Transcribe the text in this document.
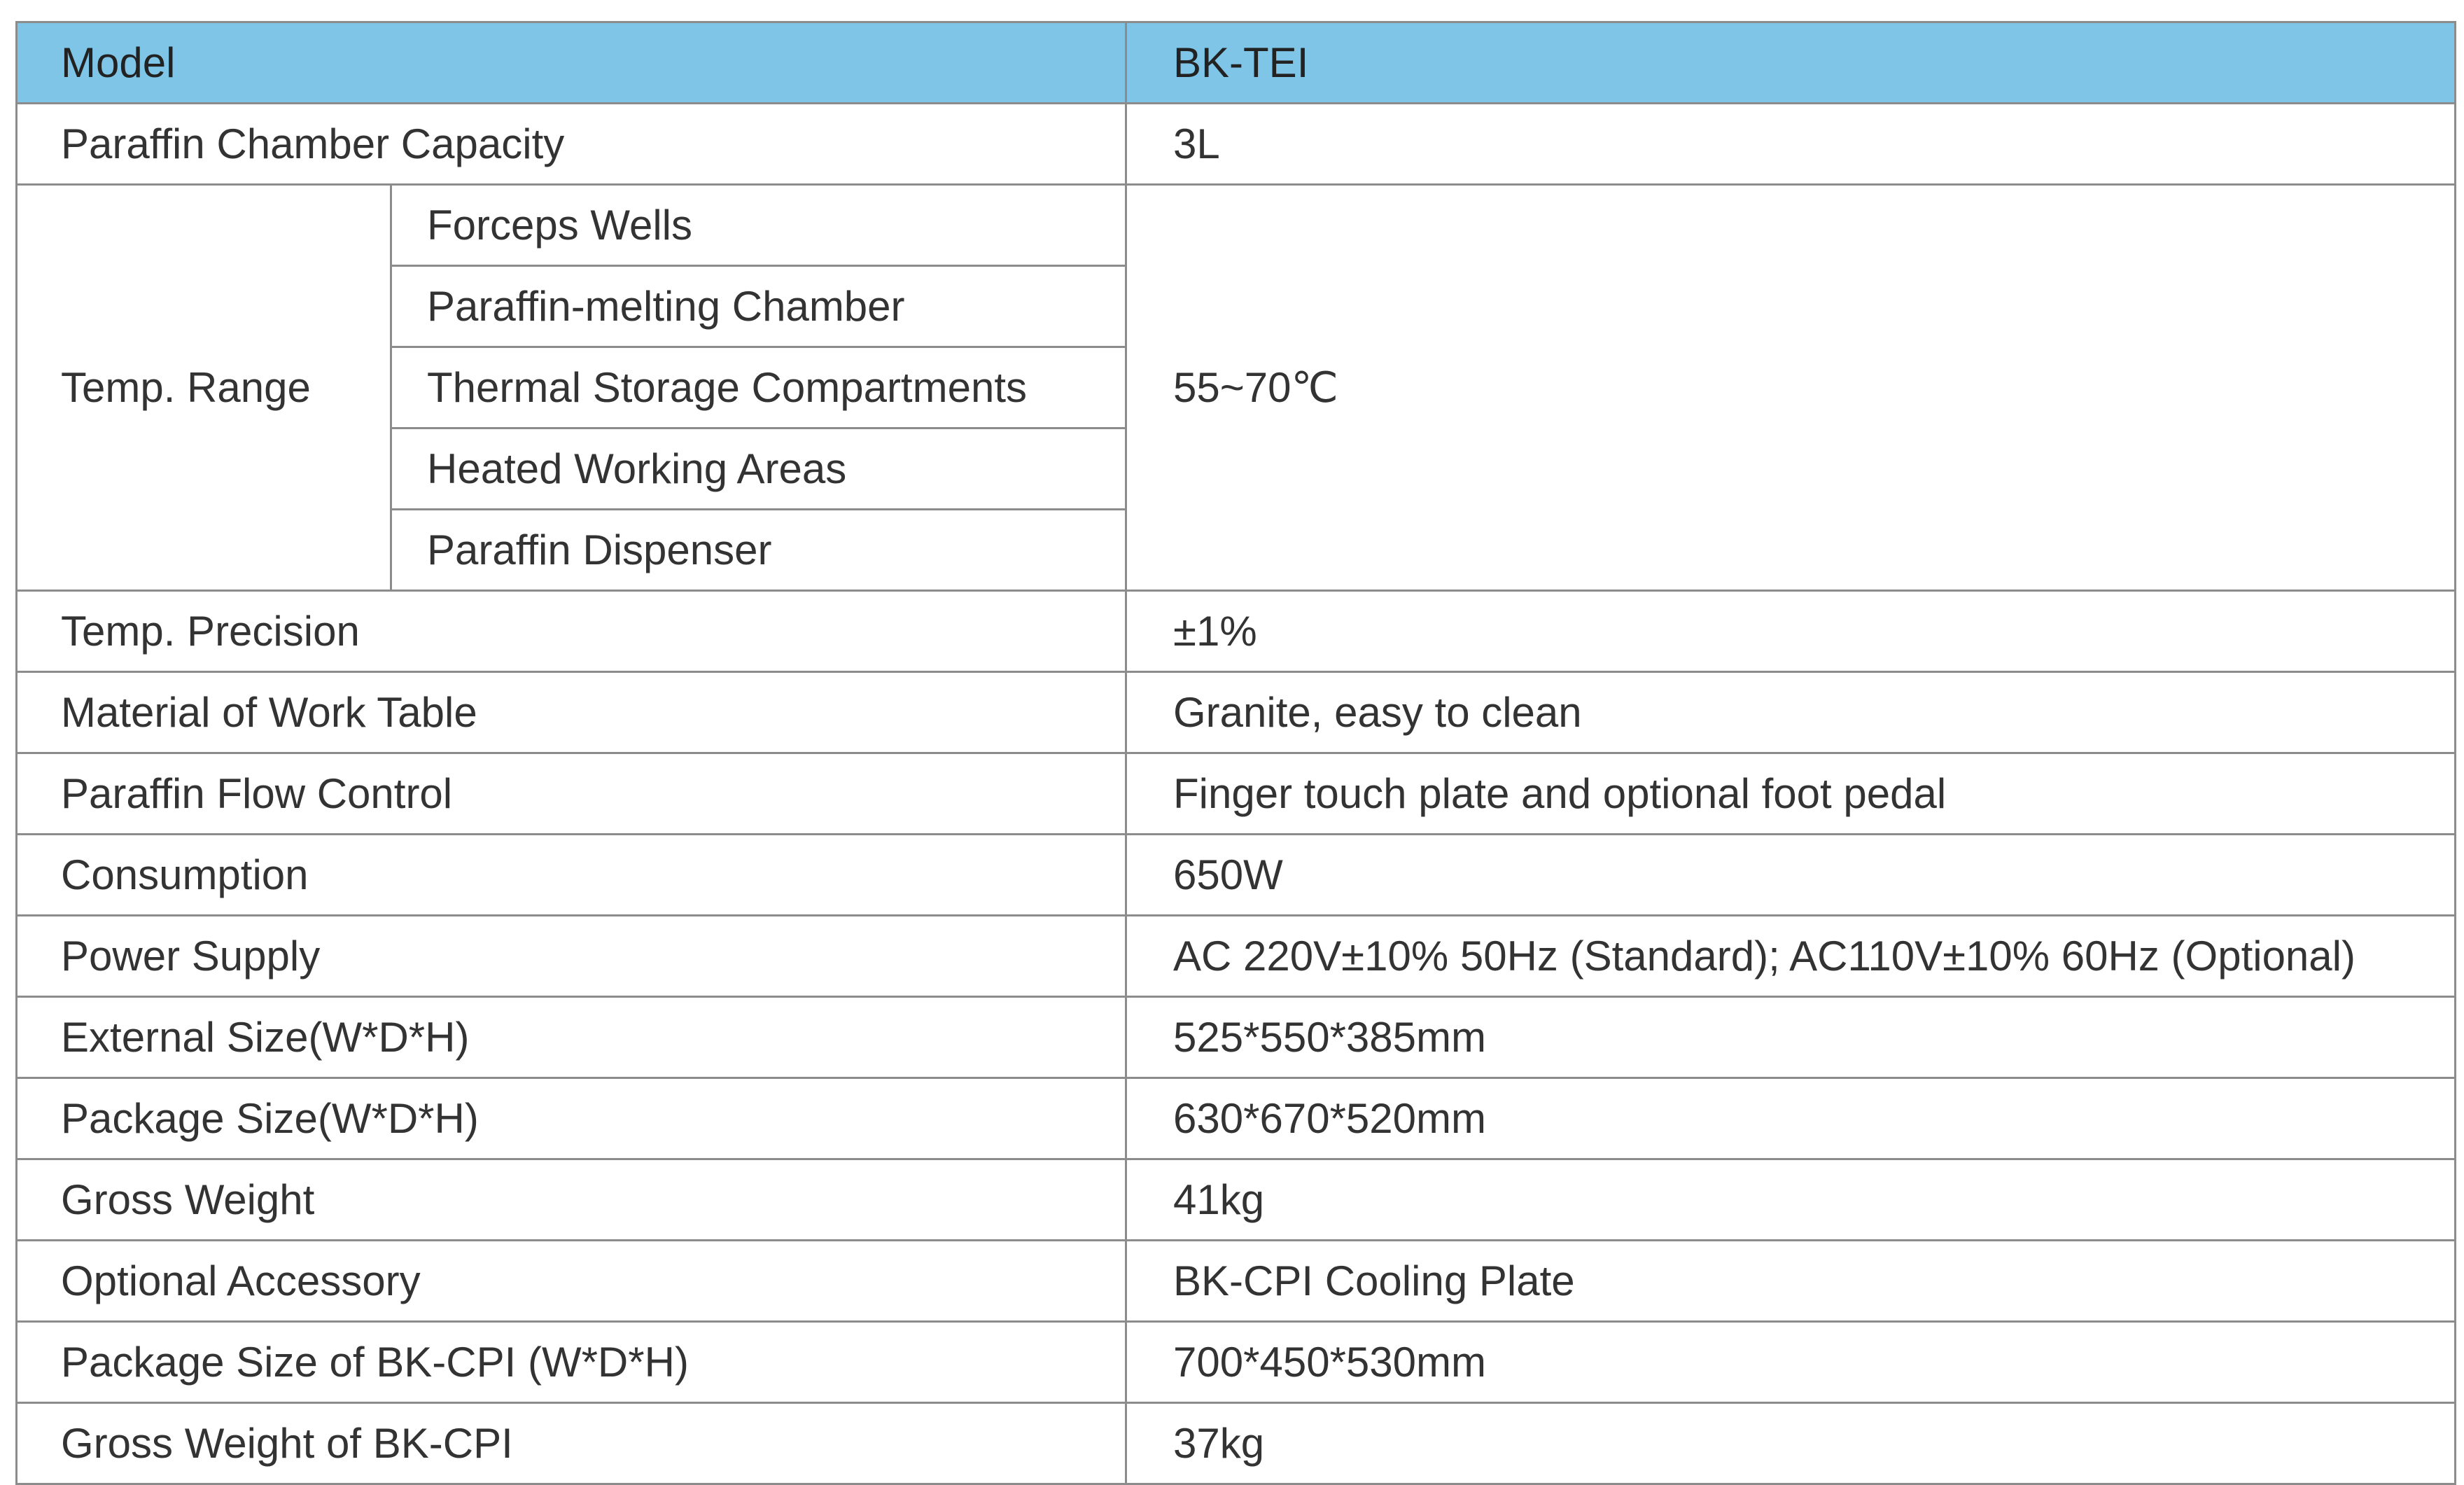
Model		BK-TEI
Paraffin Chamber Capacity		3L
Temp. Range	Forceps Wells	55~70℃
	Paraffin-melting Chamber	
	Thermal Storage Compartments	
	Heated Working Areas	
	Paraffin Dispenser	
Temp. Precision		±1%
Material of Work Table		Granite, easy to clean
Paraffin Flow Control		Finger touch plate and optional foot pedal
Consumption		650W
Power Supply		AC 220V±10% 50Hz (Standard); AC110V±10% 60Hz (Optional)
External Size(W*D*H)		525*550*385mm
Package Size(W*D*H)		630*670*520mm
Gross Weight		41kg
Optional Accessory		BK-CPI Cooling Plate
Package Size of BK-CPI (W*D*H)		700*450*530mm
Gross Weight of BK-CPI		37kg
